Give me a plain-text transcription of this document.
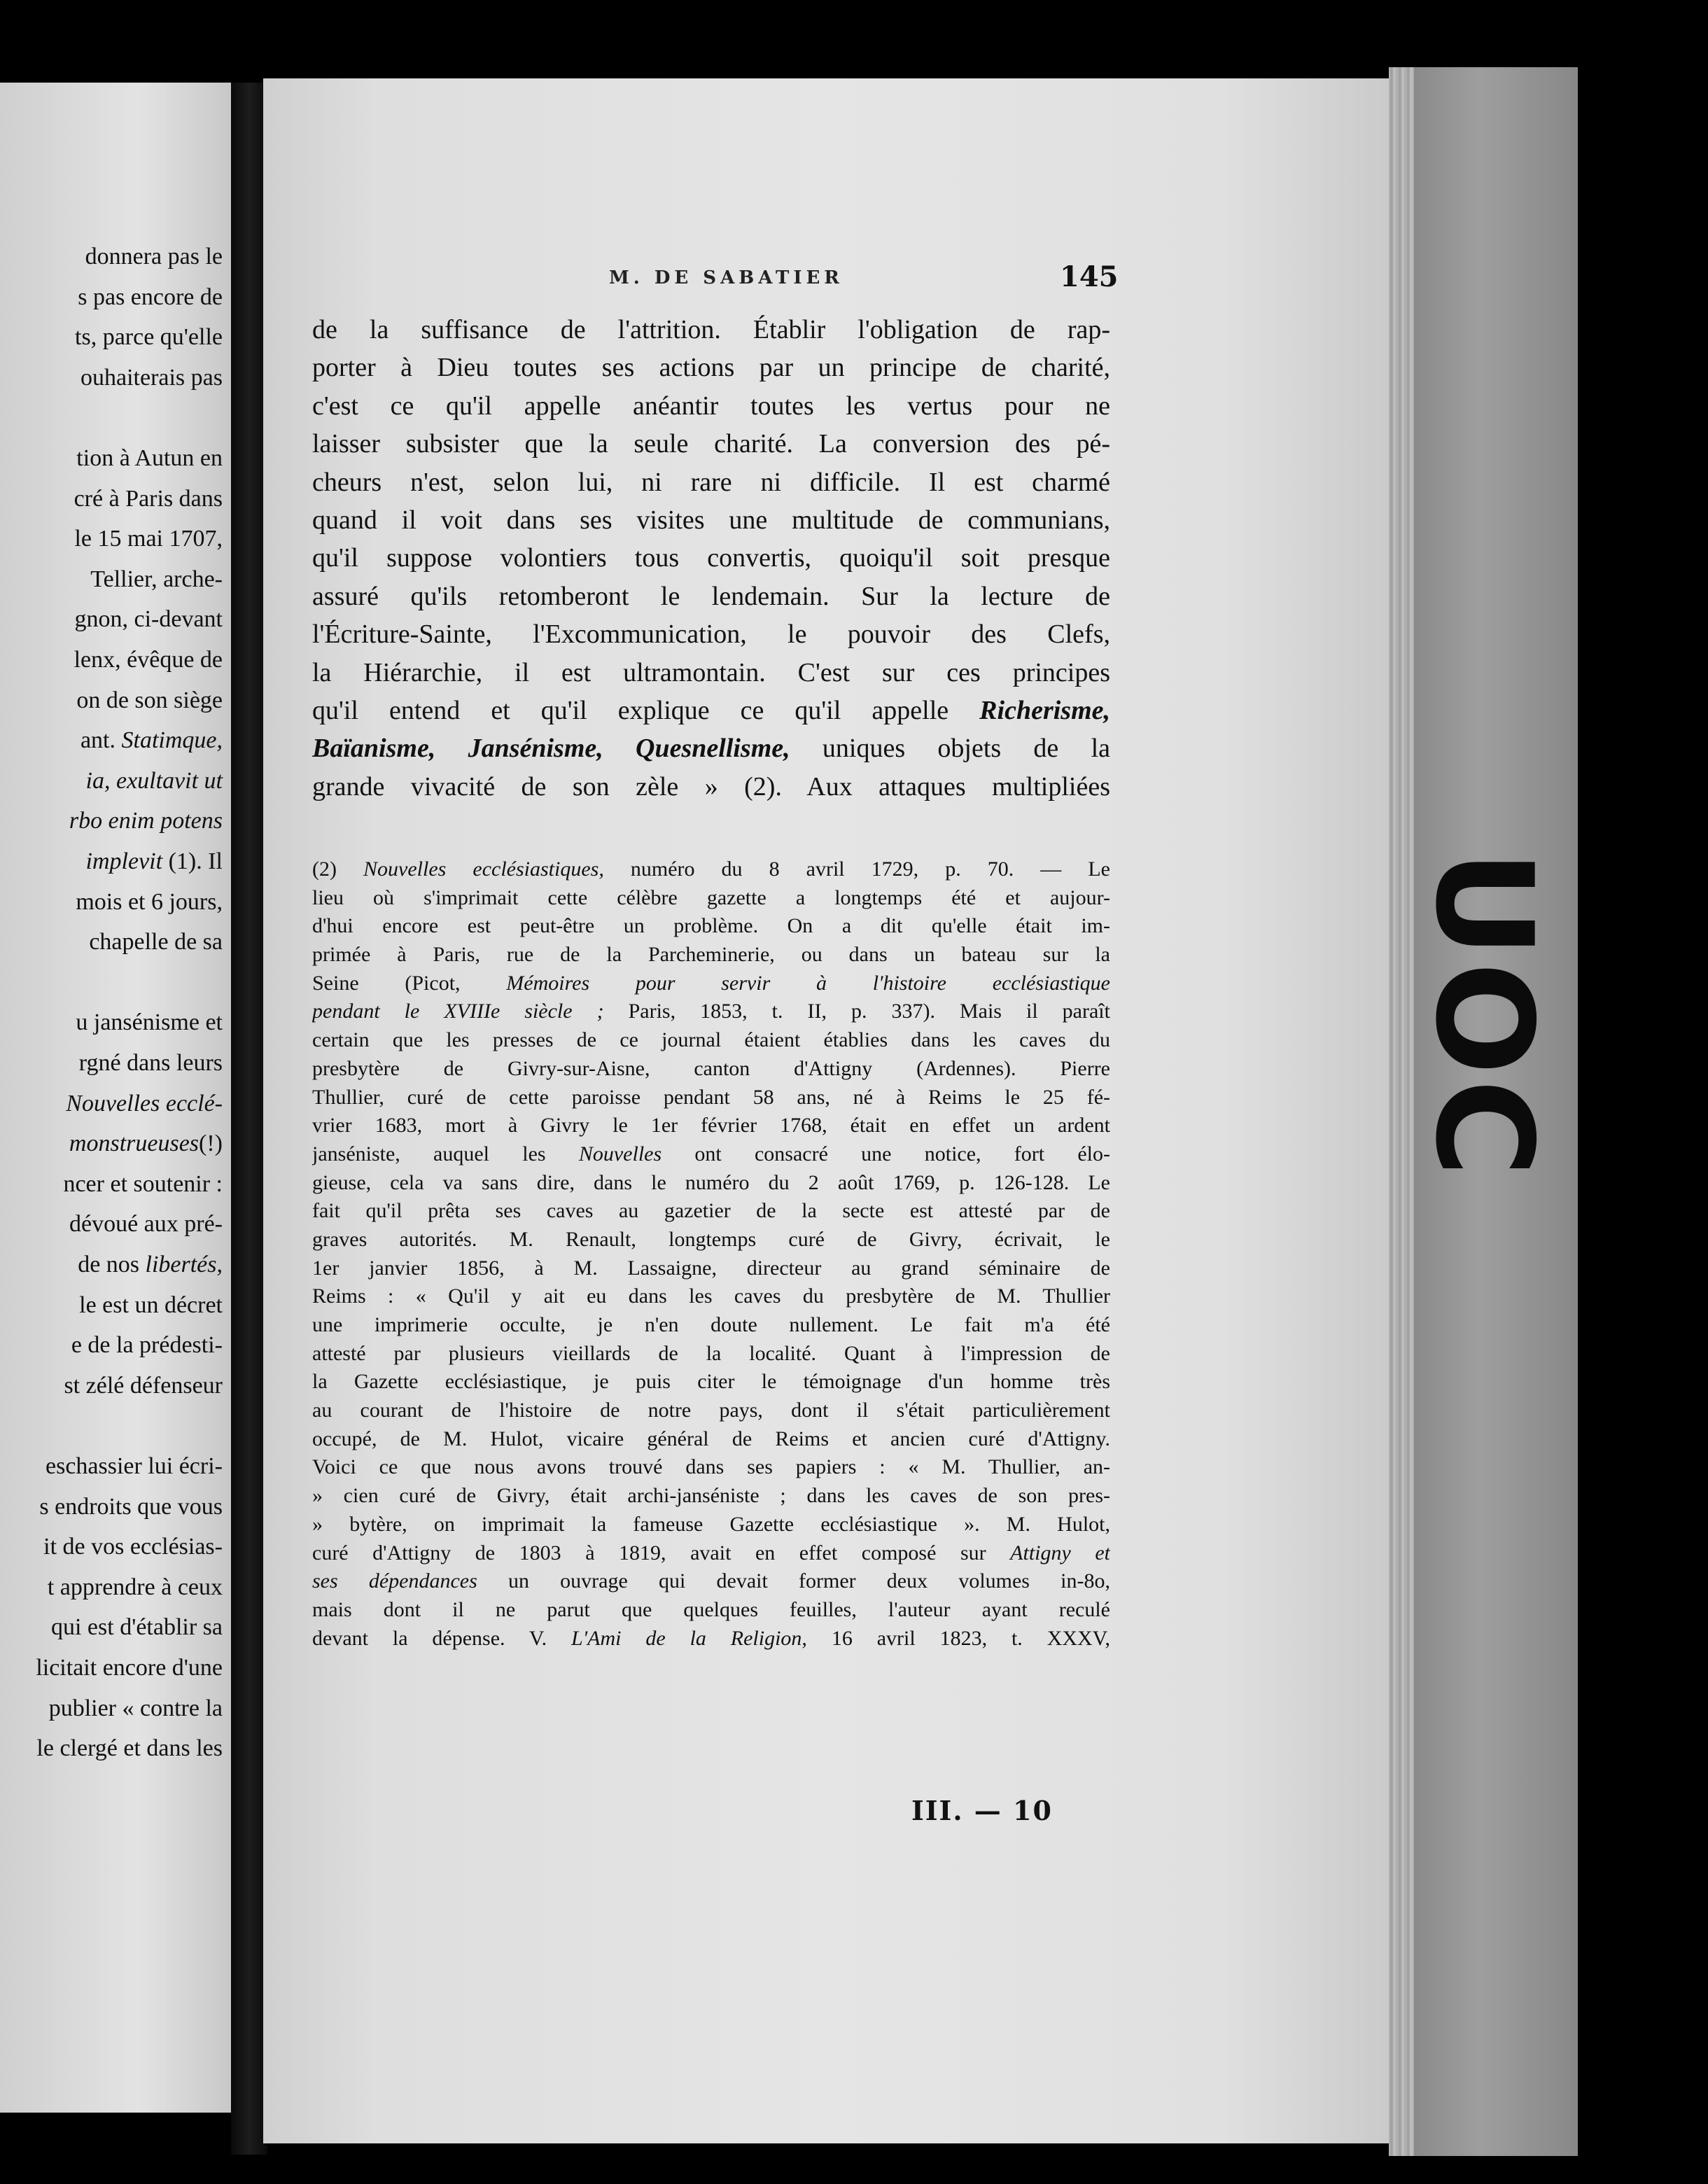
donnera pas le
s pas encore de
ts, parce qu'elle
ouhaiterais pas
tion à Autun en
cré à Paris dans
le 15 mai 1707,
Tellier, arche-
gnon, ci-devant
lenx, évêque de
on de son siège
ant. Statimque,
ia, exultavit ut
rbo enim potens
implevit (1). Il
mois et 6 jours,
chapelle de sa
u jansénisme et
rgné dans leurs
Nouvelles ecclé-
monstrueuses(!)
ncer et soutenir :
dévoué aux pré-
de nos libertés,
le est un décret
e de la prédesti-
st zélé défenseur
eschassier lui écri-
s endroits que vous
it de vos ecclésias-
t apprendre à ceux
qui est d'établir sa
licitait encore d'une
publier « contre la
le clergé et dans les
UOC
M. DE SABATIER	145
de la suffisance de l'attrition. Établir l'obligation de rap-
porter à Dieu toutes ses actions par un principe de charité,
c'est ce qu'il appelle anéantir toutes les vertus pour ne
laisser subsister que la seule charité. La conversion des pé-
cheurs n'est, selon lui, ni rare ni difficile. Il est charmé
quand il voit dans ses visites une multitude de communians,
qu'il suppose volontiers tous convertis, quoiqu'il soit presque
assuré qu'ils retomberont le lendemain. Sur la lecture de
l'Écriture-Sainte, l'Excommunication, le pouvoir des Clefs,
la Hiérarchie, il est ultramontain. C'est sur ces principes
qu'il entend et qu'il explique ce qu'il appelle Richerisme,
Baïanisme, Jansénisme, Quesnellisme, uniques objets de la
grande vivacité de son zèle » (2). Aux attaques multipliées
(2) Nouvelles ecclésiastiques, numéro du 8 avril 1729, p. 70. — Le
lieu où s'imprimait cette célèbre gazette a longtemps été et aujour-
d'hui encore est peut-être un problème. On a dit qu'elle était im-
primée à Paris, rue de la Parcheminerie, ou dans un bateau sur la
Seine (Picot, Mémoires pour servir à l'histoire ecclésiastique
pendant le XVIIIe siècle ; Paris, 1853, t. II, p. 337). Mais il paraît
certain que les presses de ce journal étaient établies dans les caves du
presbytère de Givry-sur-Aisne, canton d'Attigny (Ardennes). Pierre
Thullier, curé de cette paroisse pendant 58 ans, né à Reims le 25 fé-
vrier 1683, mort à Givry le 1er février 1768, était en effet un ardent
janséniste, auquel les Nouvelles ont consacré une notice, fort élo-
gieuse, cela va sans dire, dans le numéro du 2 août 1769, p. 126-128. Le
fait qu'il prêta ses caves au gazetier de la secte est attesté par de
graves autorités. M. Renault, longtemps curé de Givry, écrivait, le
1er janvier 1856, à M. Lassaigne, directeur au grand séminaire de
Reims : « Qu'il y ait eu dans les caves du presbytère de M. Thullier
une imprimerie occulte, je n'en doute nullement. Le fait m'a été
attesté par plusieurs vieillards de la localité. Quant à l'impression de
la Gazette ecclésiastique, je puis citer le témoignage d'un homme très
au courant de l'histoire de notre pays, dont il s'était particulièrement
occupé, de M. Hulot, vicaire général de Reims et ancien curé d'Attigny.
Voici ce que nous avons trouvé dans ses papiers : « M. Thullier, an-
» cien curé de Givry, était archi-janséniste ; dans les caves de son pres-
» bytère, on imprimait la fameuse Gazette ecclésiastique ». M. Hulot,
curé d'Attigny de 1803 à 1819, avait en effet composé sur Attigny et
ses dépendances un ouvrage qui devait former deux volumes in-8o,
mais dont il ne parut que quelques feuilles, l'auteur ayant reculé
devant la dépense. V. L'Ami de la Religion, 16 avril 1823, t. XXXV,
III. — 10
